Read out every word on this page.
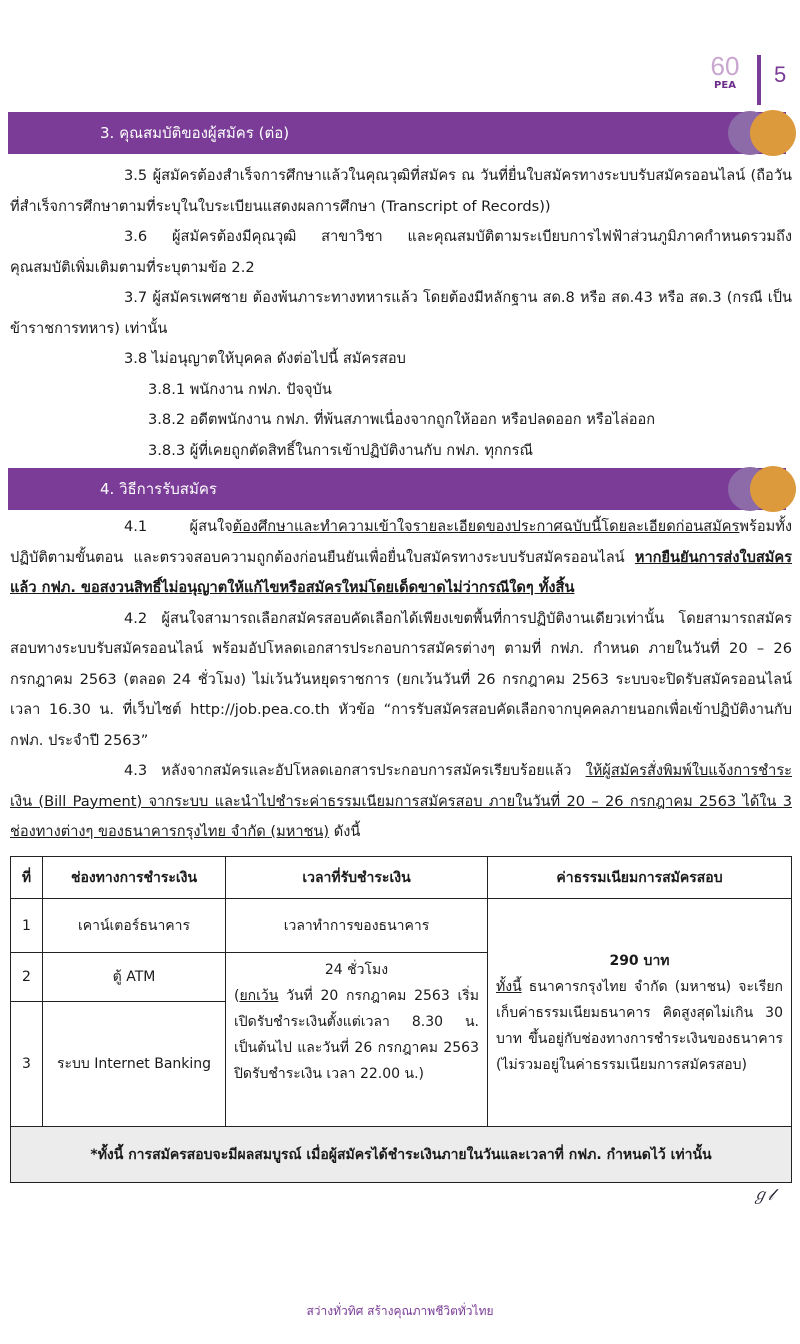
60
PEA	5
3. คุณสมบัติของผู้สมัคร (ต่อ)

3.5 ผู้สมัครต้องสำเร็จการศึกษาแล้วในคุณวุฒิที่สมัคร ณ วันที่ยื่นใบสมัครทางระบบรับสมัครออนไลน์ (ถือวันที่สำเร็จการศึกษาตามที่ระบุในใบระเบียนแสดงผลการศึกษา (Transcript of Records))

3.6 ผู้สมัครต้องมีคุณวุฒิ สาขาวิชา และคุณสมบัติตามระเบียบการไฟฟ้าส่วนภูมิภาคกำหนดรวมถึงคุณสมบัติเพิ่มเติมตามที่ระบุตามข้อ 2.2

3.7 ผู้สมัครเพศชาย ต้องพ้นภาระทางทหารแล้ว โดยต้องมีหลักฐาน สด.8 หรือ สด.43 หรือ สด.3 (กรณี เป็นข้าราชการทหาร) เท่านั้น

3.8 ไม่อนุญาตให้บุคคล ดังต่อไปนี้ สมัครสอบ

3.8.1 พนักงาน กฟภ. ปัจจุบัน

3.8.2 อดีตพนักงาน กฟภ. ที่พ้นสภาพเนื่องจากถูกให้ออก หรือปลดออก หรือไล่ออก

3.8.3 ผู้ที่เคยถูกตัดสิทธิ์ในการเข้าปฏิบัติงานกับ กฟภ. ทุกกรณี

4. วิธีการรับสมัคร

4.1 ผู้สนใจต้องศึกษาและทำความเข้าใจรายละเอียดของประกาศฉบับนี้โดยละเอียดก่อนสมัครพร้อมทั้งปฏิบัติตามขั้นตอน และตรวจสอบความถูกต้องก่อนยืนยันเพื่อยื่นใบสมัครทางระบบรับสมัครออนไลน์ หากยืนยันการส่งใบสมัครแล้ว กฟภ. ขอสงวนสิทธิ์ไม่อนุญาตให้แก้ไขหรือสมัครใหม่โดยเด็ดขาดไม่ว่ากรณีใดๆ ทั้งสิ้น

4.2 ผู้สนใจสามารถเลือกสมัครสอบคัดเลือกได้เพียงเขตพื้นที่การปฏิบัติงานเดียวเท่านั้น โดยสามารถสมัครสอบทางระบบรับสมัครออนไลน์ พร้อมอัปโหลดเอกสารประกอบการสมัครต่างๆ ตามที่ กฟภ. กำหนด ภายในวันที่ 20 – 26 กรกฎาคม 2563 (ตลอด 24 ชั่วโมง) ไม่เว้นวันหยุดราชการ (ยกเว้นวันที่ 26 กรกฎาคม 2563 ระบบจะปิดรับสมัครออนไลน์ เวลา 16.30 น. ที่เว็บไซต์ http://job.pea.co.th หัวข้อ “การรับสมัครสอบคัดเลือกจากบุคคลภายนอกเพื่อเข้าปฏิบัติงานกับ กฟภ. ประจำปี 2563”

4.3 หลังจากสมัครและอัปโหลดเอกสารประกอบการสมัครเรียบร้อยแล้ว ให้ผู้สมัครสั่งพิมพ์ใบแจ้งการชำระเงิน (Bill Payment) จากระบบ และนำไปชำระค่าธรรมเนียมการสมัครสอบ ภายในวันที่ 20 – 26 กรกฎาคม 2563 ได้ใน 3 ช่องทางต่างๆ ของธนาคารกรุงไทย จำกัด (มหาชน) ดังนี้

ที่	ช่องทางการชำระเงิน	เวลาที่รับชำระเงิน	ค่าธรรมเนียมการสมัครสอบ
1	เคาน์เตอร์ธนาคาร	เวลาทำการของธนาคาร	290 บาท
ทั้งนี้ ธนาคารกรุงไทย จำกัด (มหาชน) จะเรียกเก็บค่าธรรมเนียมธนาคาร คิดสูงสุดไม่เกิน 30 บาท ขึ้นอยู่กับช่องทางการชำระเงินของธนาคาร (ไม่รวมอยู่ในค่าธรรมเนียมการสมัครสอบ)

2	ตู้ ATM	24 ชั่วโมง
(ยกเว้น วันที่ 20 กรกฎาคม 2563 เริ่มเปิดรับชำระเงินตั้งแต่เวลา 8.30 น. เป็นต้นไป และวันที่ 26 กรกฎาคม 2563 ปิดรับชำระเงิน เวลา 22.00 น.)	

3	ระบบ Internet Banking		
*ทั้งนี้ การสมัครสอบจะมีผลสมบูรณ์ เมื่อผู้สมัครได้ชำระเงินภายในวันและเวลาที่ กฟภ. กำหนดไว้ เท่านั้น			
ℊ𝓁
สว่างทั่วทิศ สร้างคุณภาพชีวิตทั่วไทย
